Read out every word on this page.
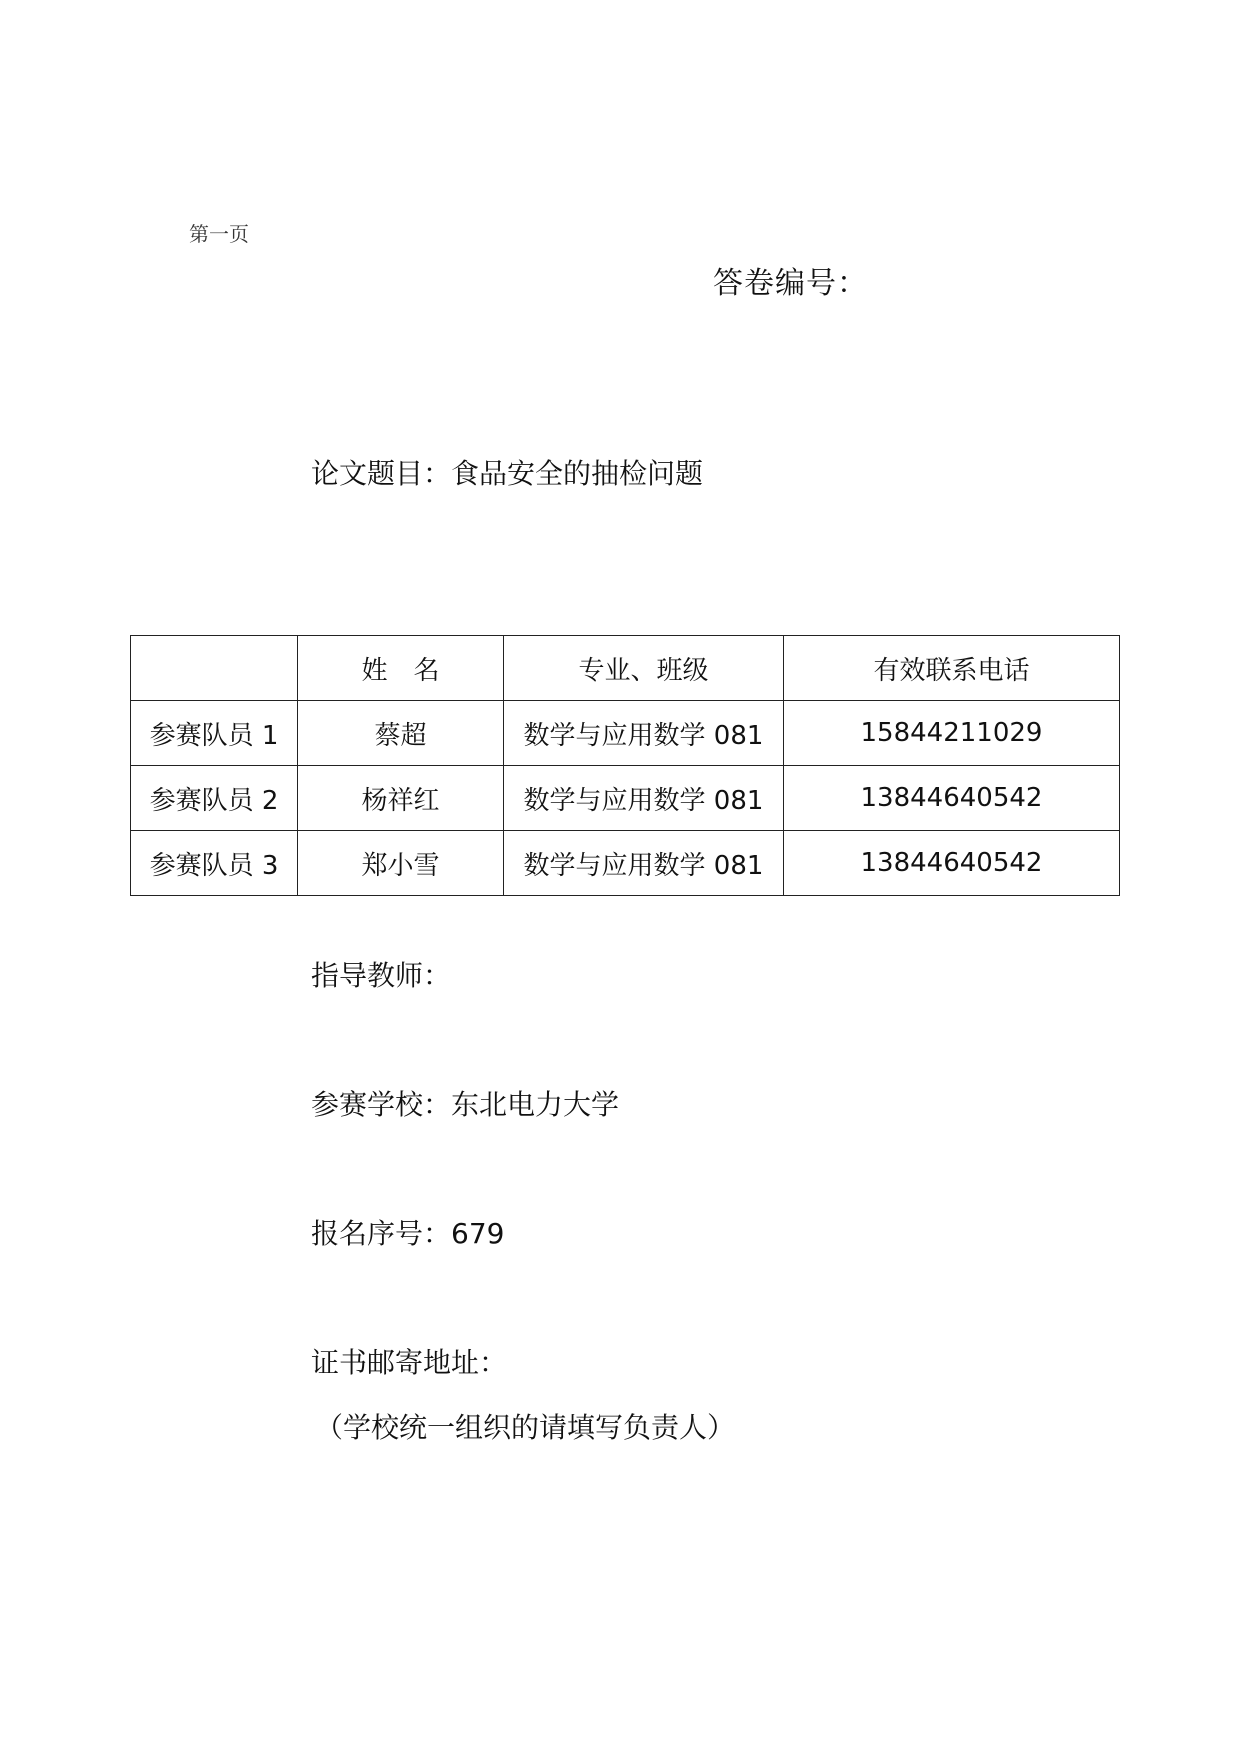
第一页
答卷编号：
论文题目：食品安全的抽检问题
	姓　名	专业、班级	有效联系电话
参赛队员 1	蔡超	数学与应用数学 081	15844211029
参赛队员 2	杨祥红	数学与应用数学 081	13844640542
参赛队员 3	郑小雪	数学与应用数学 081	13844640542
指导教师：
参赛学校：东北电力大学
报名序号：679
证书邮寄地址：
（学校统一组织的请填写负责人）
